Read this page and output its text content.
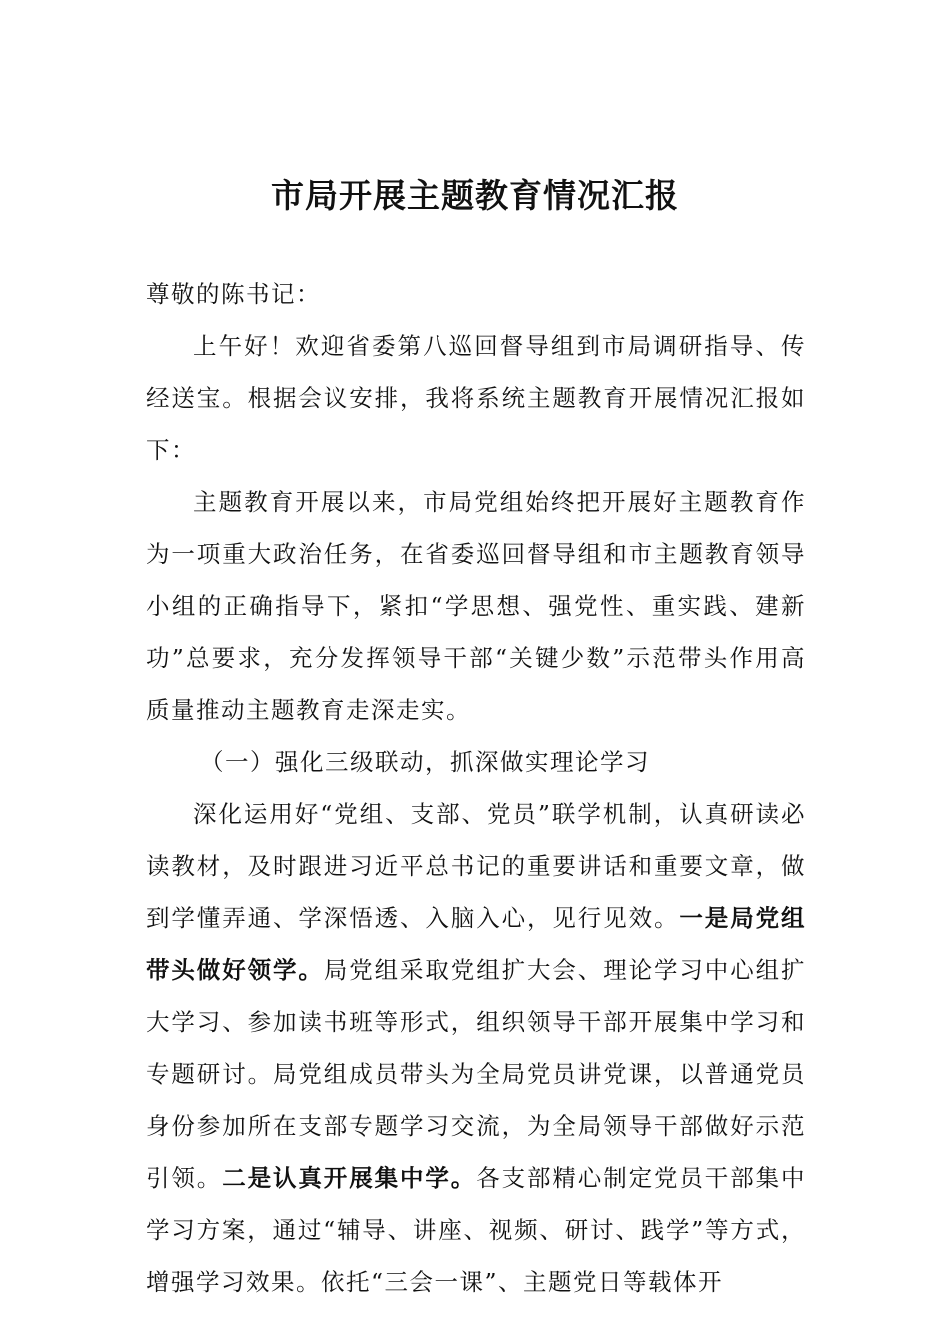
市局开展主题教育情况汇报

尊敬的陈书记：

上午好！欢迎省委第八巡回督导组到市局调研指导、传经送宝。根据会议安排，我将系统主题教育开展情况汇报如下：

主题教育开展以来，市局党组始终把开展好主题教育作为一项重大政治任务，在省委巡回督导组和市主题教育领导小组的正确指导下，紧扣“学思想、强党性、重实践、建新功”总要求，充分发挥领导干部“关键少数”示范带头作用高质量推动主题教育走深走实。

（一）强化三级联动，抓深做实理论学习

深化运用好“党组、支部、党员”联学机制，认真研读必读教材，及时跟进习近平总书记的重要讲话和重要文章，做到学懂弄通、学深悟透、入脑入心，见行见效。一是局党组带头做好领学。局党组采取党组扩大会、理论学习中心组扩大学习、参加读书班等形式，组织领导干部开展集中学习和专题研讨。局党组成员带头为全局党员讲党课，以普通党员身份参加所在支部专题学习交流，为全局领导干部做好示范引领。二是认真开展集中学。各支部精心制定党员干部集中学习方案，通过“辅导、讲座、视频、研讨、践学”等方式，增强学习效果。依托“三会一课”、主题党日等载体开
